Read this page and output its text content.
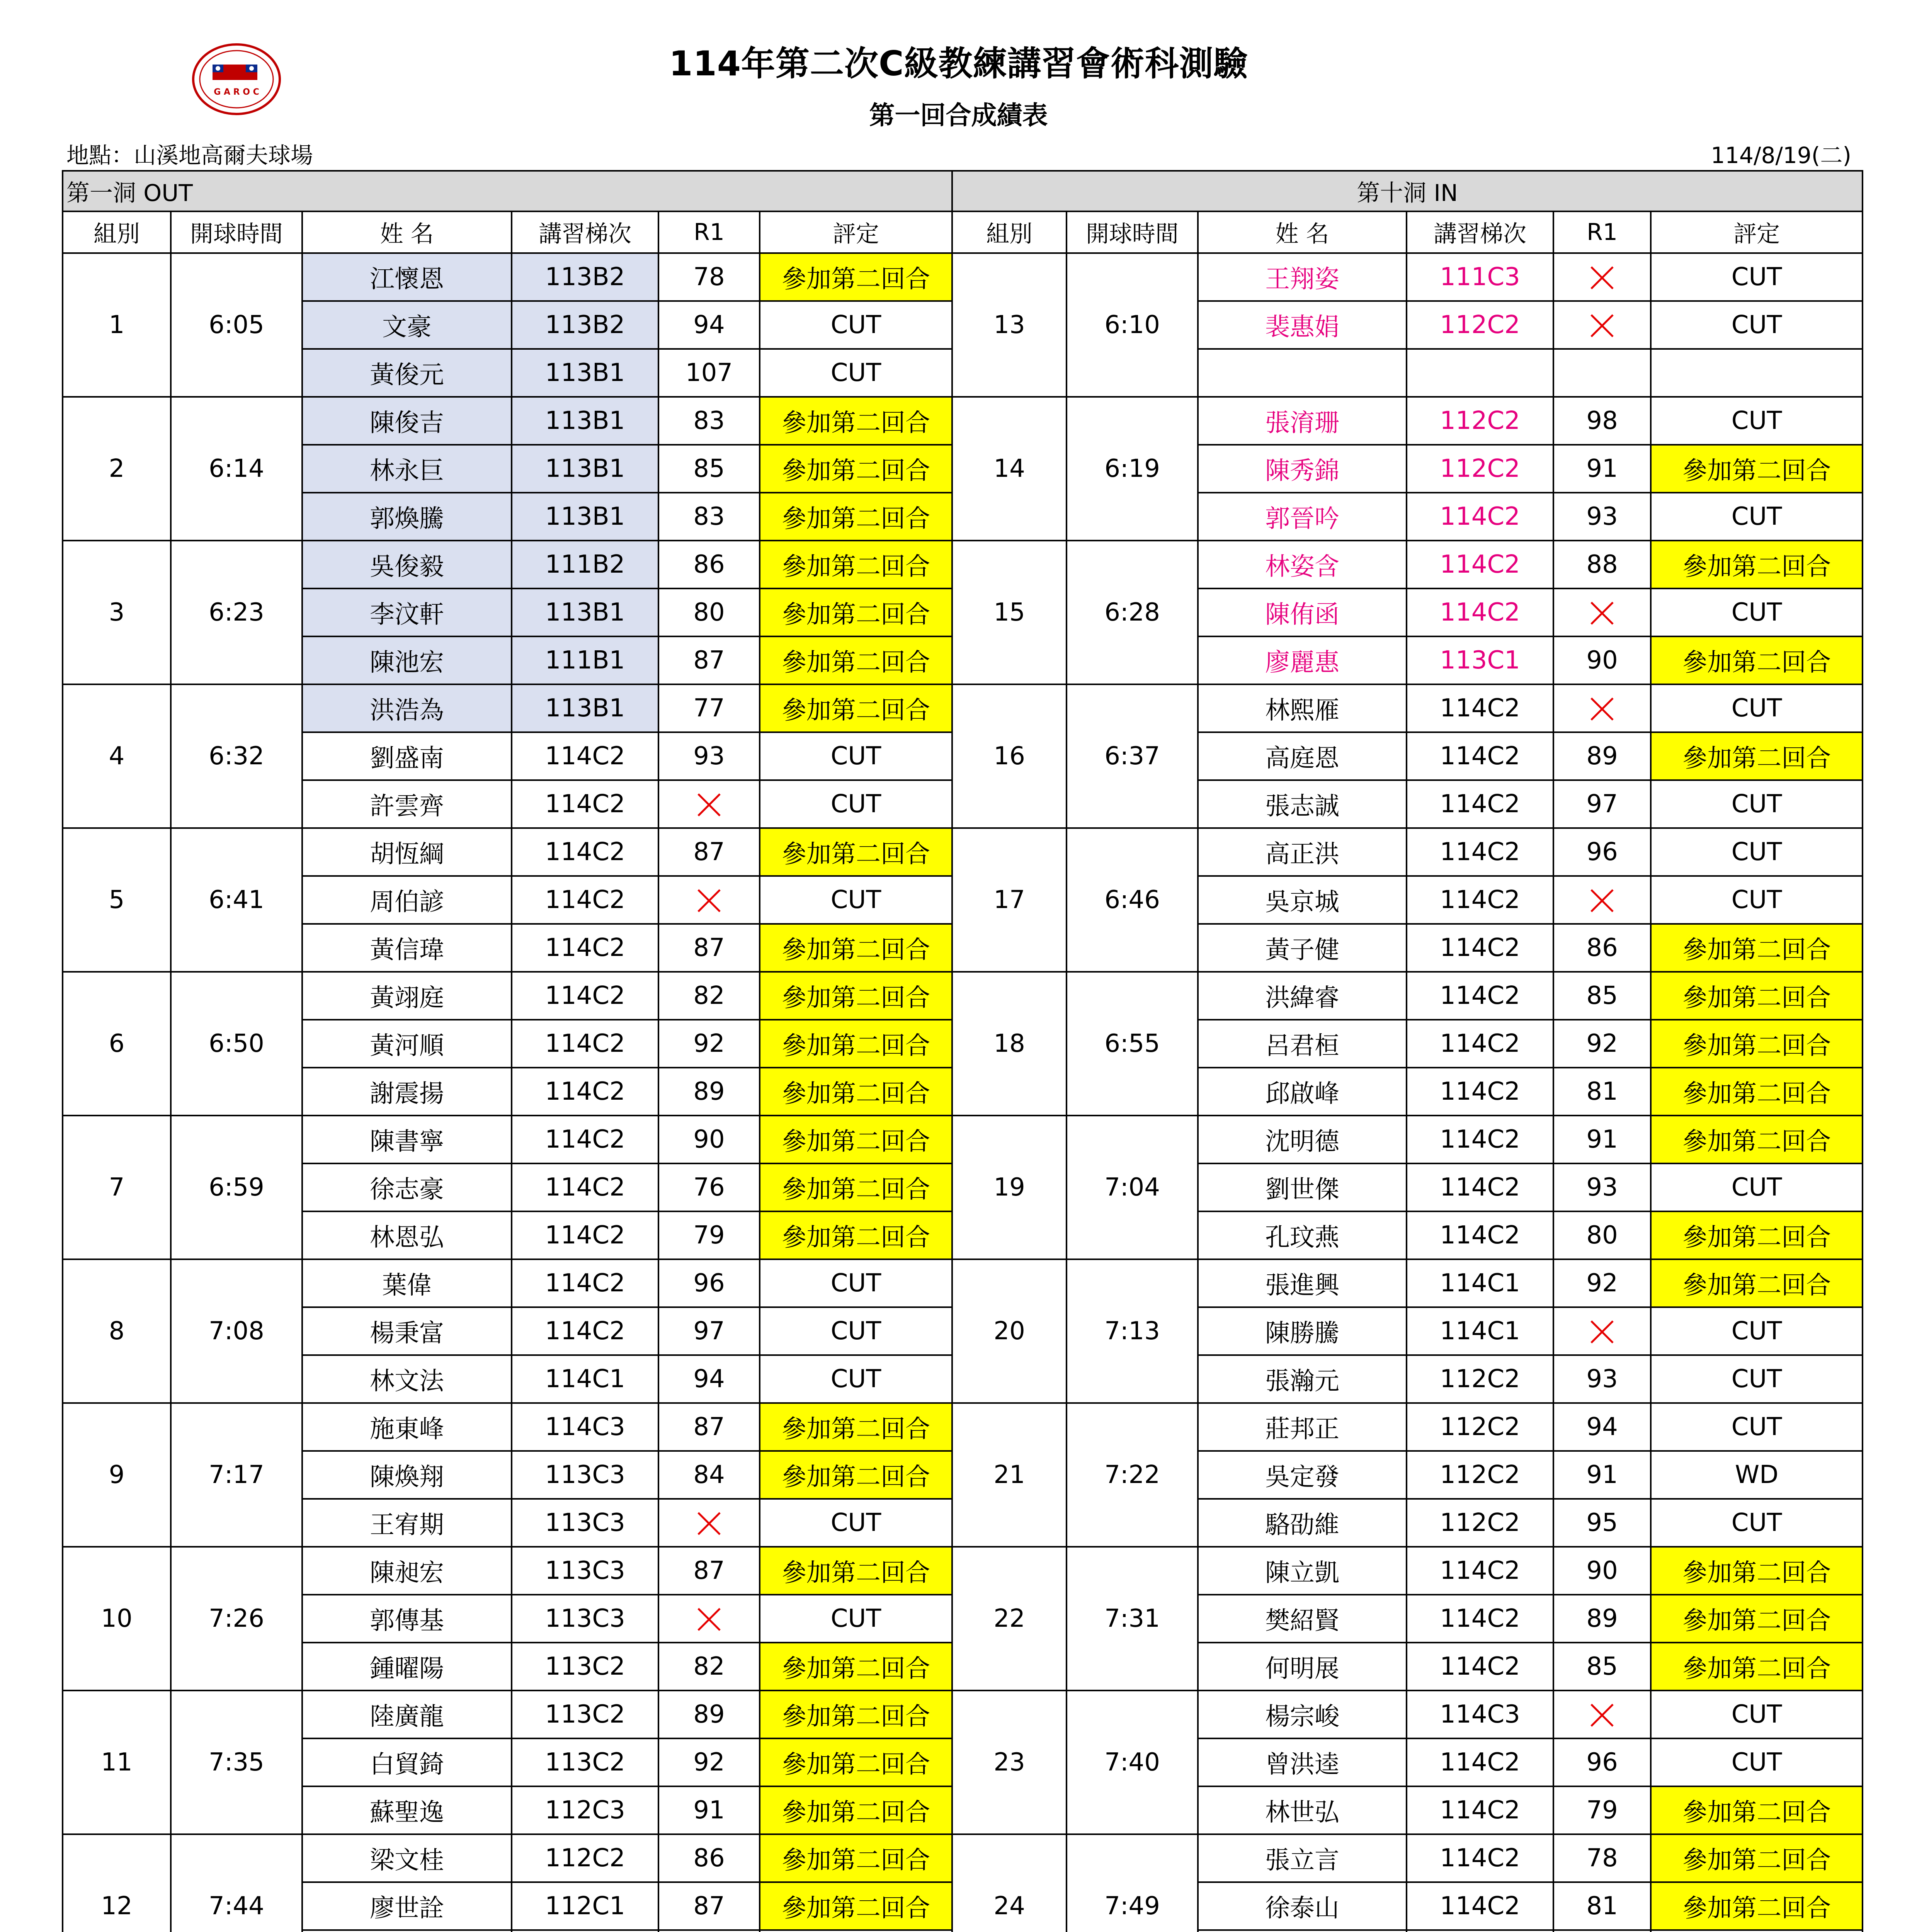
G A R O C
114年第二次C級教練講習會術科測驗
第一回合成績表
地點：山溪地高爾夫球場	114/8/19(二)
第一洞 OUT						第十洞 IN					
組別	開球時間	姓 名	講習梯次	R1	評定	組別	開球時間	姓 名	講習梯次	R1	評定
1	6:05	江懷恩	113B2	78	參加第二回合	13	6:10	王翔姿	111C3		CUT
		文豪	113B2	94	CUT			裴惠娟	112C2		CUT
		黃俊元	113B1	107	CUT						
2	6:14	陳俊吉	113B1	83	參加第二回合	14	6:19	張淯珊	112C2	98	CUT
		林永巨	113B1	85	參加第二回合			陳秀錦	112C2	91	參加第二回合
		郭煥騰	113B1	83	參加第二回合			郭晉吟	114C2	93	CUT
3	6:23	吳俊毅	111B2	86	參加第二回合	15	6:28	林姿含	114C2	88	參加第二回合
		李汶軒	113B1	80	參加第二回合			陳侑函	114C2		CUT
		陳池宏	111B1	87	參加第二回合			廖麗惠	113C1	90	參加第二回合
4	6:32	洪浩為	113B1	77	參加第二回合	16	6:37	林熙雁	114C2		CUT
		劉盛南	114C2	93	CUT			高庭恩	114C2	89	參加第二回合
		許雲齊	114C2		CUT			張志誠	114C2	97	CUT
5	6:41	胡恆綱	114C2	87	參加第二回合	17	6:46	高正洪	114C2	96	CUT
		周伯諺	114C2		CUT			吳京城	114C2		CUT
		黃信瑋	114C2	87	參加第二回合			黃子健	114C2	86	參加第二回合
6	6:50	黃翊庭	114C2	82	參加第二回合	18	6:55	洪緯睿	114C2	85	參加第二回合
		黃河順	114C2	92	參加第二回合			呂君桓	114C2	92	參加第二回合
		謝震揚	114C2	89	參加第二回合			邱啟峰	114C2	81	參加第二回合
7	6:59	陳書寧	114C2	90	參加第二回合	19	7:04	沈明德	114C2	91	參加第二回合
		徐志豪	114C2	76	參加第二回合			劉世傑	114C2	93	CUT
		林恩弘	114C2	79	參加第二回合			孔玟燕	114C2	80	參加第二回合
8	7:08	葉偉	114C2	96	CUT	20	7:13	張進興	114C1	92	參加第二回合
		楊秉富	114C2	97	CUT			陳勝騰	114C1		CUT
		林文法	114C1	94	CUT			張瀚元	112C2	93	CUT
9	7:17	施東峰	114C3	87	參加第二回合	21	7:22	莊邦正	112C2	94	CUT
		陳煥翔	113C3	84	參加第二回合			吳定發	112C2	91	WD
		王宥期	113C3		CUT			駱劭維	112C2	95	CUT
10	7:26	陳昶宏	113C3	87	參加第二回合	22	7:31	陳立凱	114C2	90	參加第二回合
		郭傳基	113C3		CUT			樊紹賢	114C2	89	參加第二回合
		鍾曜陽	113C2	82	參加第二回合			何明展	114C2	85	參加第二回合
11	7:35	陸廣龍	113C2	89	參加第二回合	23	7:40	楊宗峻	114C3		CUT
		白貿錡	113C2	92	參加第二回合			曾洪逵	114C2	96	CUT
		蘇聖逸	112C3	91	參加第二回合			林世弘	114C2	79	參加第二回合
12	7:44	梁文桂	112C2	86	參加第二回合	24	7:49	張立言	114C2	78	參加第二回合
		廖世詮	112C1	87	參加第二回合			徐泰山	114C2	81	參加第二回合
